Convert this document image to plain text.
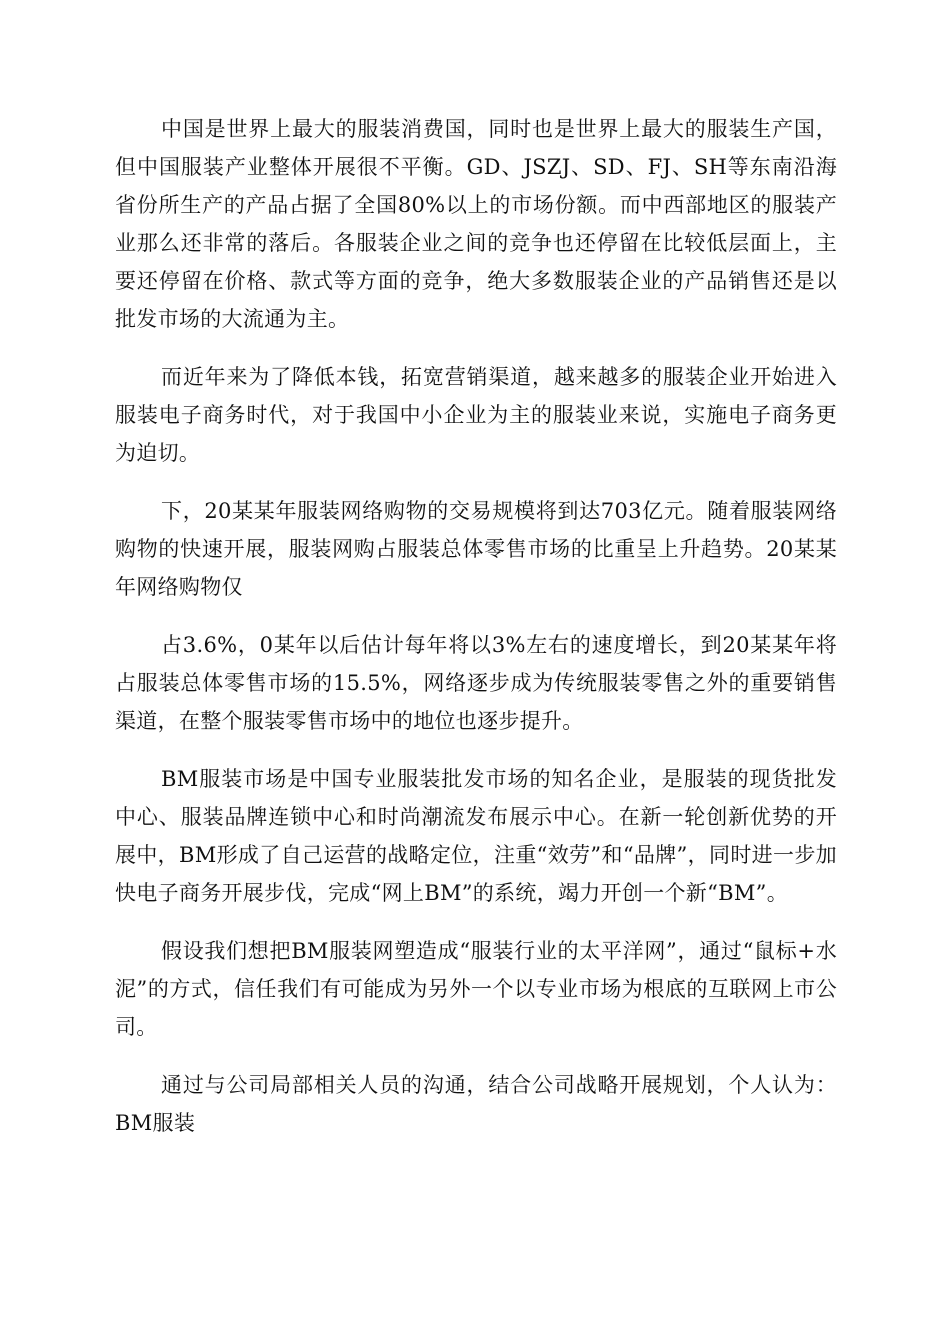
中国是世界上最大的服装消费国，同时也是世界上最大的服装生产国，但中国服装产业整体开展很不平衡。GD、JSZJ、SD、FJ、SH等东南沿海省份所生产的产品占据了全国80%以上的市场份额。而中西部地区的服装产业那么还非常的落后。各服装企业之间的竞争也还停留在比较低层面上，主要还停留在价格、款式等方面的竞争，绝大多数服装企业的产品销售还是以批发市场的大流通为主。

而近年来为了降低本钱，拓宽营销渠道，越来越多的服装企业开始进入服装电子商务时代，对于我国中小企业为主的服装业来说，实施电子商务更为迫切。

下，20某某年服装网络购物的交易规模将到达703亿元。随着服装网络购物的快速开展，服装网购占服装总体零售市场的比重呈上升趋势。20某某年网络购物仅

占3.6%，0某年以后估计每年将以3%左右的速度增长，到20某某年将占服装总体零售市场的15.5%，网络逐步成为传统服装零售之外的重要销售渠道，在整个服装零售市场中的地位也逐步提升。

BM服装市场是中国专业服装批发市场的知名企业，是服装的现货批发中心、服装品牌连锁中心和时尚潮流发布展示中心。在新一轮创新优势的开展中，BM形成了自己运营的战略定位，注重“效劳”和“品牌”，同时进一步加快电子商务开展步伐，完成“网上BM”的系统，竭力开创一个新“BM”。

假设我们想把BM服装网塑造成“服装行业的太平洋网”，通过“鼠标+水泥”的方式，信任我们有可能成为另外一个以专业市场为根底的互联网上市公司。

通过与公司局部相关人员的沟通，结合公司战略开展规划，个人认为：BM服装
